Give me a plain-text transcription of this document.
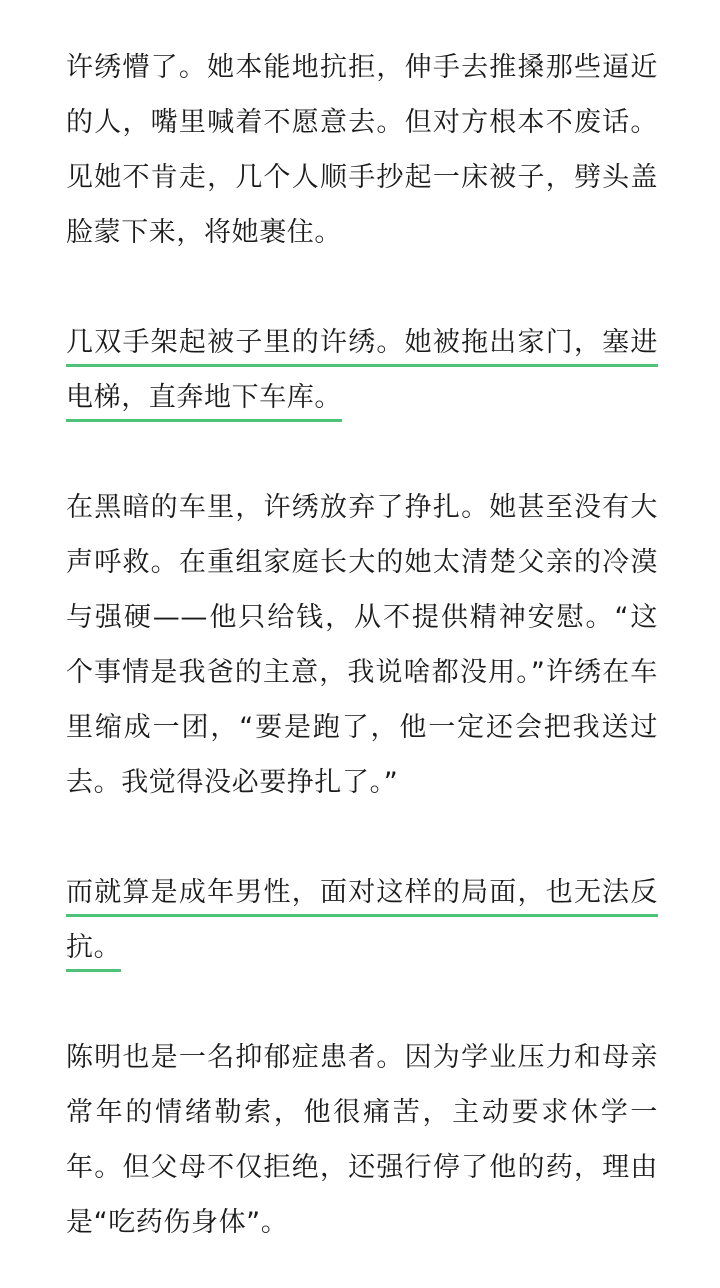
许绣懵了。她本能地抗拒，伸手去推搡那些逼近的人，嘴里喊着不愿意去。但对方根本不废话。见她不肯走，几个人顺手抄起一床被子，劈头盖脸蒙下来，将她裹住。

几双手架起被子里的许绣。她被拖出家门，塞进电梯，直奔地下车库。

在黑暗的车里，许绣放弃了挣扎。她甚至没有大声呼救。在重组家庭长大的她太清楚父亲的冷漠与强硬——他只给钱，从不提供精神安慰。“这个事情是我爸的主意，我说啥都没用。”许绣在车里缩成一团，“要是跑了，他一定还会把我送过去。我觉得没必要挣扎了。”

而就算是成年男性，面对这样的局面，也无法反抗。

陈明也是一名抑郁症患者。因为学业压力和母亲常年的情绪勒索，他很痛苦，主动要求休学一年。但父母不仅拒绝，还强行停了他的药，理由是“吃药伤身体”。
